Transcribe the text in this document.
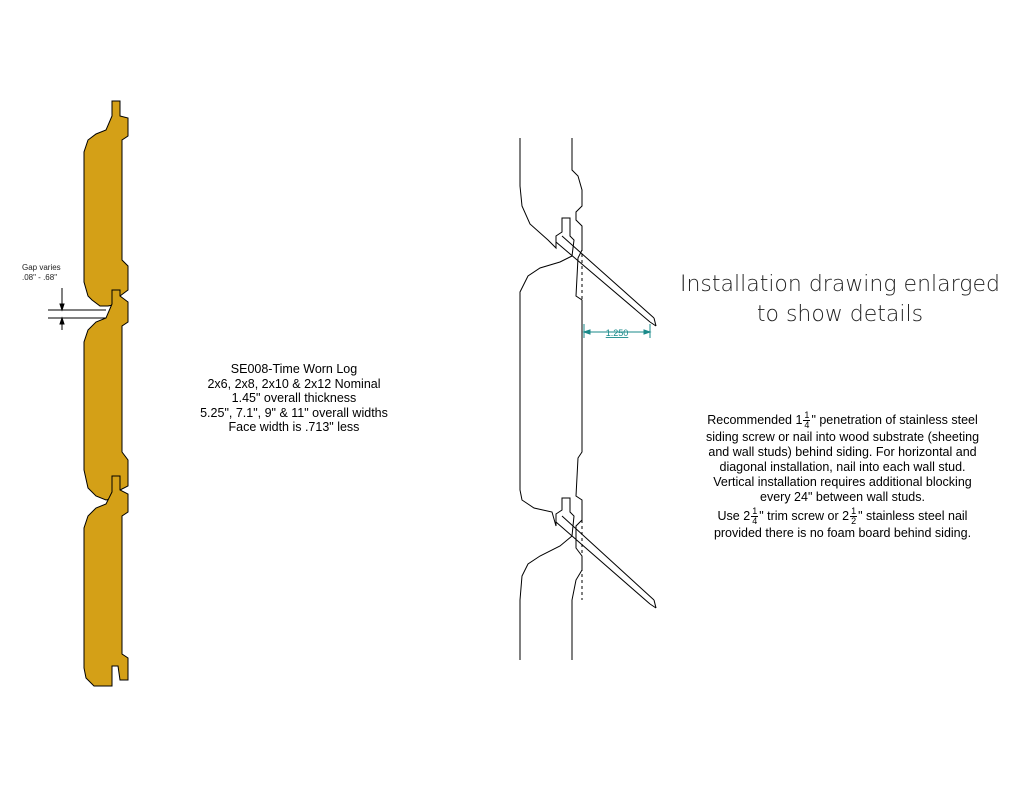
1.250
Gap varies
.08" - .68"
SE008-Time Worn Log
2x6, 2x8, 2x10 & 2x12 Nominal
1.45" overall thickness
5.25", 7.1", 9" & 11" overall widths
Face width is .713" less
Installation drawing enlarged
to show details

Recommended $1 \frac{1}{4}$ " penetration of stainless steel siding screw or nail into wood substrate (sheeting and wall studs) behind siding. For horizontal and diagonal installation, nail into each wall stud. Vertical installation requires additional blocking every 24" between wall studs.

Use $2 \frac{1}{4}$ " trim screw or $2 \frac{1}{2}$ " stainless steel nail provided there is no foam board behind siding.
